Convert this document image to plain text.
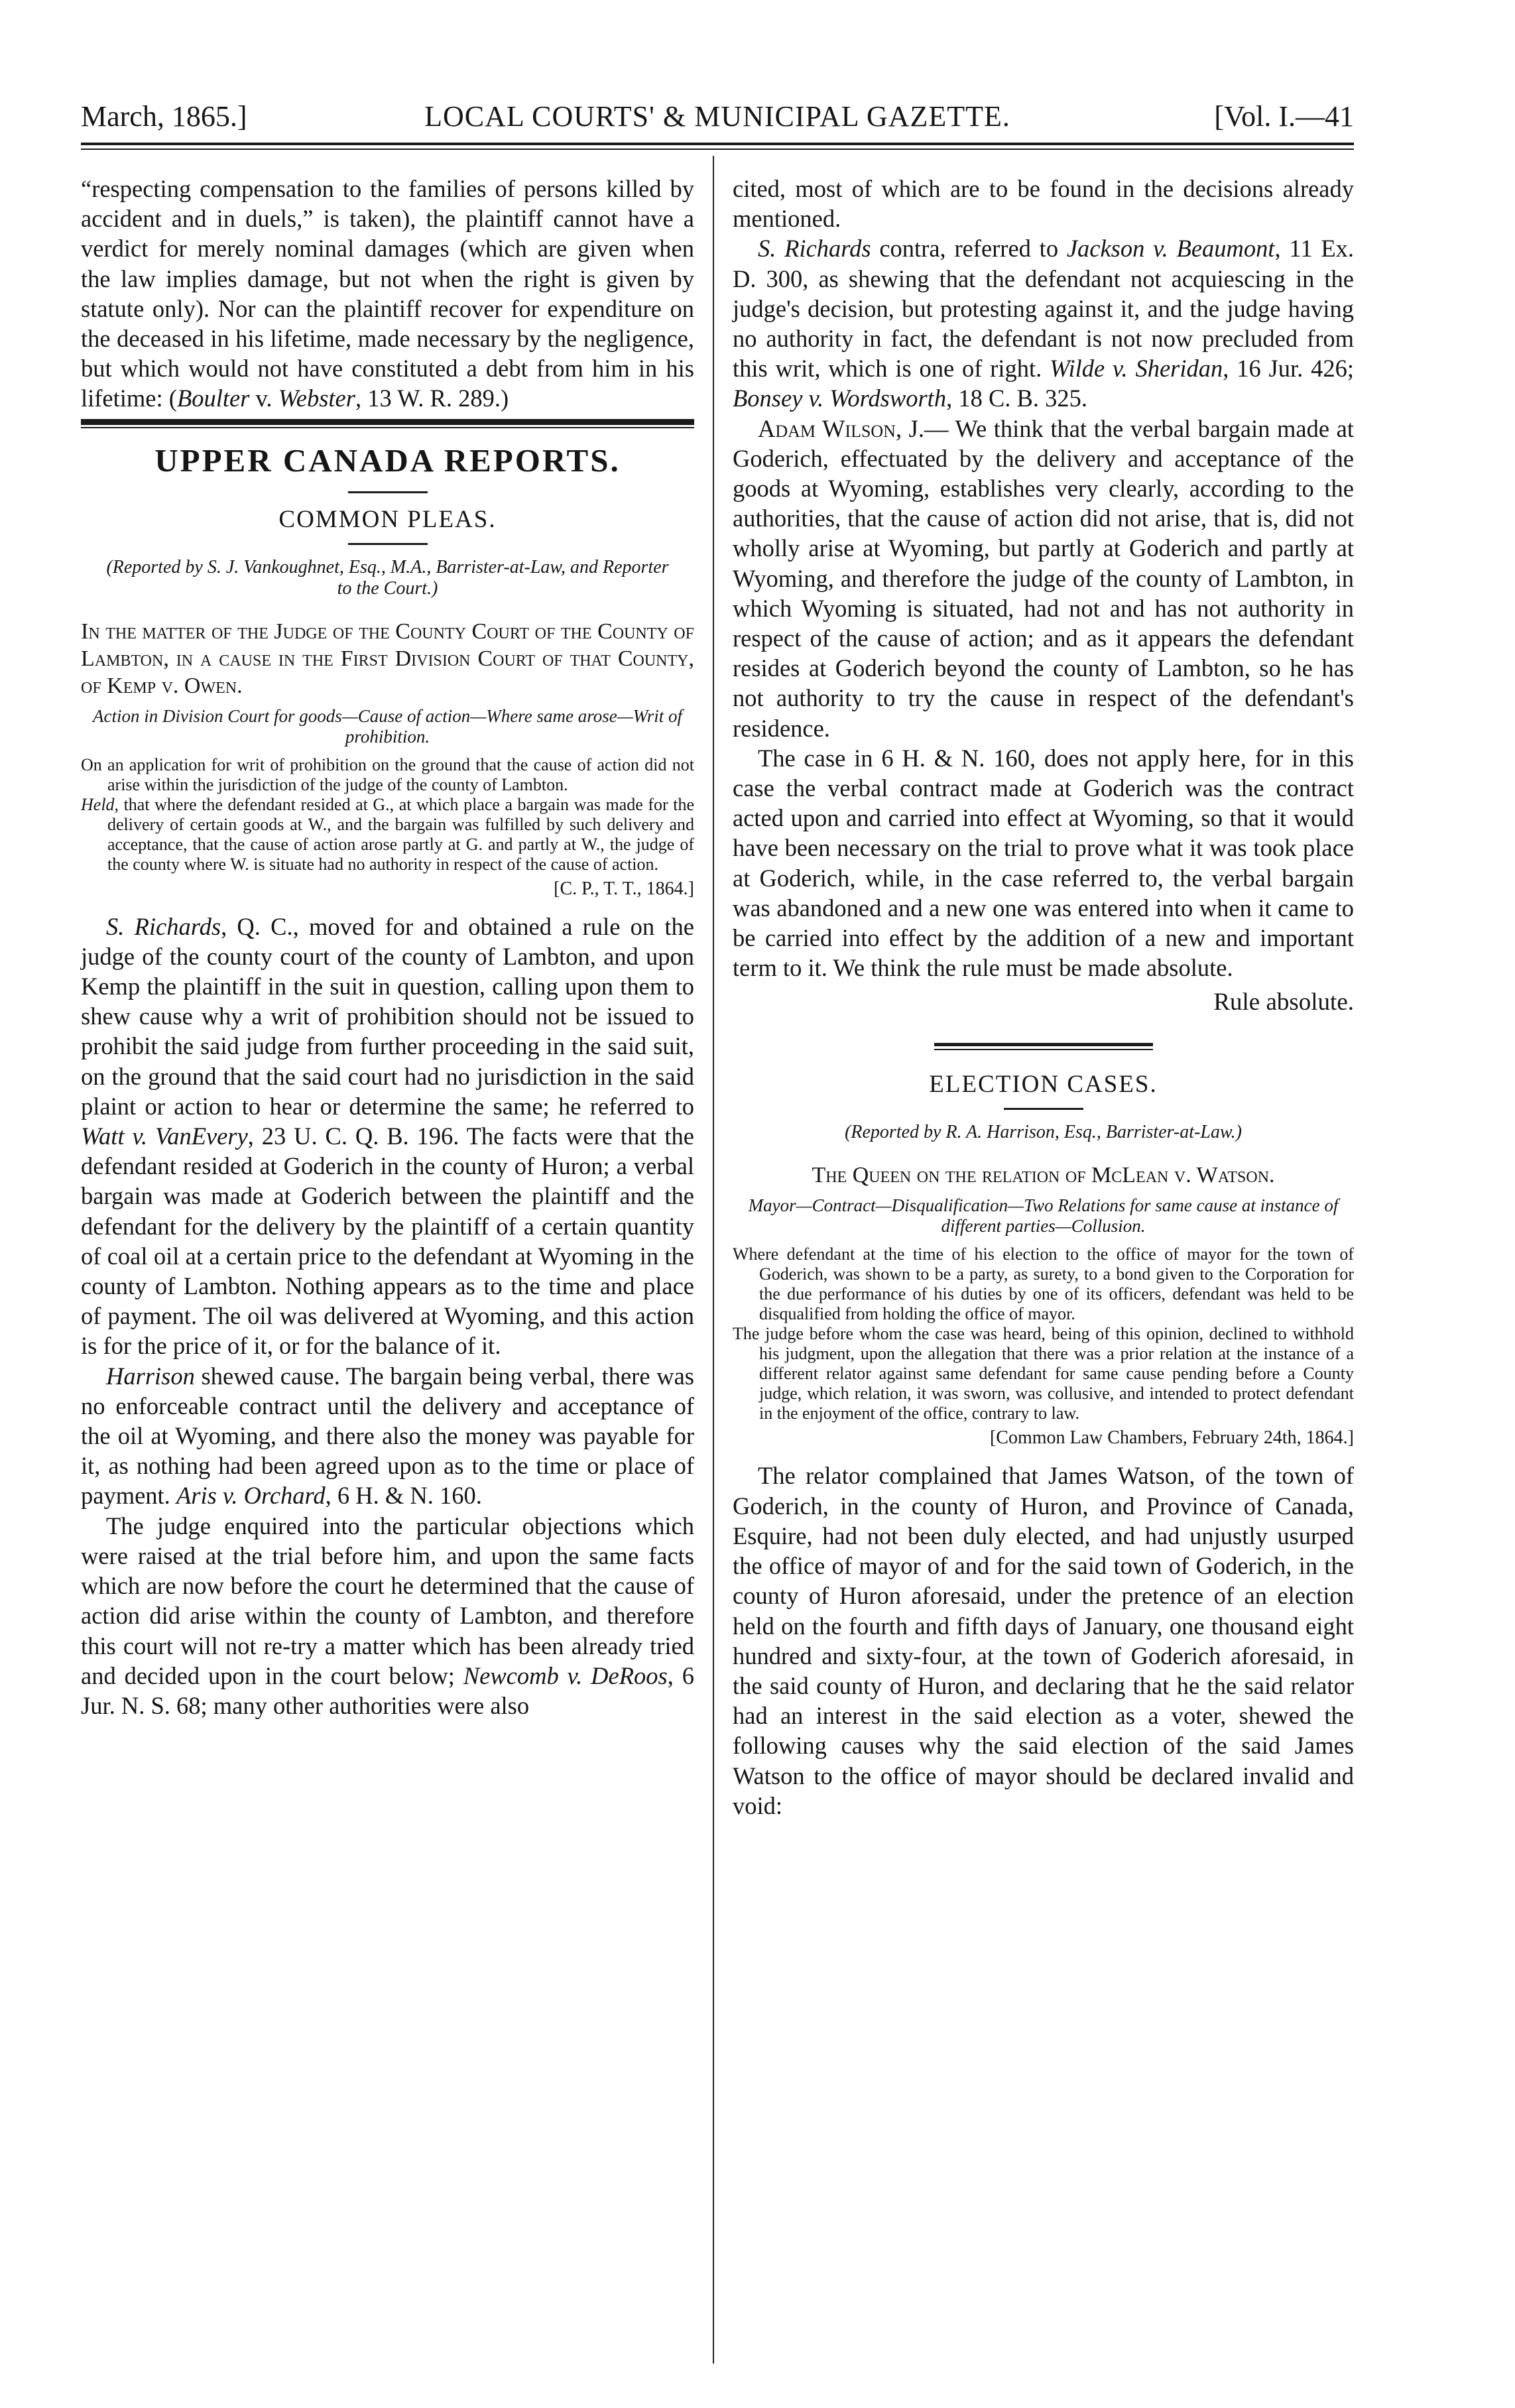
March, 1865.]	LOCAL COURTS' & MUNICIPAL GAZETTE.	[Vol. I.—41

“respecting compensation to the families of persons killed by accident and in duels,” is taken), the plaintiff cannot have a verdict for merely nominal damages (which are given when the law implies damage, but not when the right is given by statute only). Nor can the plaintiff recover for expenditure on the deceased in his lifetime, made necessary by the negligence, but which would not have constituted a debt from him in his lifetime: (Boulter v. Webster, 13 W. R. 289.)

UPPER CANADA REPORTS.
COMMON PLEAS.
(Reported by S. J. Vankoughnet, Esq., M.A., Barrister-at-Law, and Reporter to the Court.)
In the matter of the Judge of the County Court of the County of Lambton, in a cause in the First Division Court of that County, of Kemp v. Owen.
Action in Division Court for goods—Cause of action—Where same arose—Writ of prohibition.

On an application for writ of prohibition on the ground that the cause of action did not arise within the jurisdiction of the judge of the county of Lambton.

Held, that where the defendant resided at G., at which place a bargain was made for the delivery of certain goods at W., and the bargain was fulfilled by such delivery and acceptance, that the cause of action arose partly at G. and partly at W., the judge of the county where W. is situate had no authority in respect of the cause of action.

[C. P., T. T., 1864.]

S. Richards, Q. C., moved for and obtained a rule on the judge of the county court of the county of Lambton, and upon Kemp the plaintiff in the suit in question, calling upon them to shew cause why a writ of prohibition should not be issued to prohibit the said judge from further proceeding in the said suit, on the ground that the said court had no jurisdiction in the said plaint or action to hear or determine the same; he referred to Watt v. VanEvery, 23 U. C. Q. B. 196. The facts were that the defendant resided at Goderich in the county of Huron; a verbal bargain was made at Goderich between the plaintiff and the defendant for the delivery by the plaintiff of a certain quantity of coal oil at a certain price to the defendant at Wyoming in the county of Lambton. Nothing appears as to the time and place of payment. The oil was delivered at Wyoming, and this action is for the price of it, or for the balance of it.

Harrison shewed cause. The bargain being verbal, there was no enforceable contract until the delivery and acceptance of the oil at Wyoming, and there also the money was payable for it, as nothing had been agreed upon as to the time or place of payment. Aris v. Orchard, 6 H. & N. 160.

The judge enquired into the particular objections which were raised at the trial before him, and upon the same facts which are now before the court he determined that the cause of action did arise within the county of Lambton, and therefore this court will not re-try a matter which has been already tried and decided upon in the court below; Newcomb v. DeRoos, 6 Jur. N. S. 68; many other authorities were also

cited, most of which are to be found in the decisions already mentioned.

S. Richards contra, referred to Jackson v. Beaumont, 11 Ex. D. 300, as shewing that the defendant not acquiescing in the judge's decision, but protesting against it, and the judge having no authority in fact, the defendant is not now precluded from this writ, which is one of right. Wilde v. Sheridan, 16 Jur. 426; Bonsey v. Wordsworth, 18 C. B. 325.

Adam Wilson, J.— We think that the verbal bargain made at Goderich, effectuated by the delivery and acceptance of the goods at Wyoming, establishes very clearly, according to the authorities, that the cause of action did not arise, that is, did not wholly arise at Wyoming, but partly at Goderich and partly at Wyoming, and therefore the judge of the county of Lambton, in which Wyoming is situated, had not and has not authority in respect of the cause of action; and as it appears the defendant resides at Goderich beyond the county of Lambton, so he has not authority to try the cause in respect of the defendant's residence.

The case in 6 H. & N. 160, does not apply here, for in this case the verbal contract made at Goderich was the contract acted upon and carried into effect at Wyoming, so that it would have been necessary on the trial to prove what it was took place at Goderich, while, in the case referred to, the verbal bargain was abandoned and a new one was entered into when it came to be carried into effect by the addition of a new and important term to it. We think the rule must be made absolute.

Rule absolute.
ELECTION CASES.
(Reported by R. A. Harrison, Esq., Barrister-at-Law.)
The Queen on the relation of McLean v. Watson.
Mayor—Contract—Disqualification—Two Relations for same cause at instance of different parties—Collusion.

Where defendant at the time of his election to the office of mayor for the town of Goderich, was shown to be a party, as surety, to a bond given to the Corporation for the due performance of his duties by one of its officers, defendant was held to be disqualified from holding the office of mayor.

The judge before whom the case was heard, being of this opinion, declined to withhold his judgment, upon the allegation that there was a prior relation at the instance of a different relator against same defendant for same cause pending before a County judge, which relation, it was sworn, was collusive, and intended to protect defendant in the enjoyment of the office, contrary to law.

[Common Law Chambers, February 24th, 1864.]

The relator complained that James Watson, of the town of Goderich, in the county of Huron, and Province of Canada, Esquire, had not been duly elected, and had unjustly usurped the office of mayor of and for the said town of Goderich, in the county of Huron aforesaid, under the pretence of an election held on the fourth and fifth days of January, one thousand eight hundred and sixty-four, at the town of Goderich aforesaid, in the said county of Huron, and declaring that he the said relator had an interest in the said election as a voter, shewed the following causes why the said election of the said James Watson to the office of mayor should be declared invalid and void:
